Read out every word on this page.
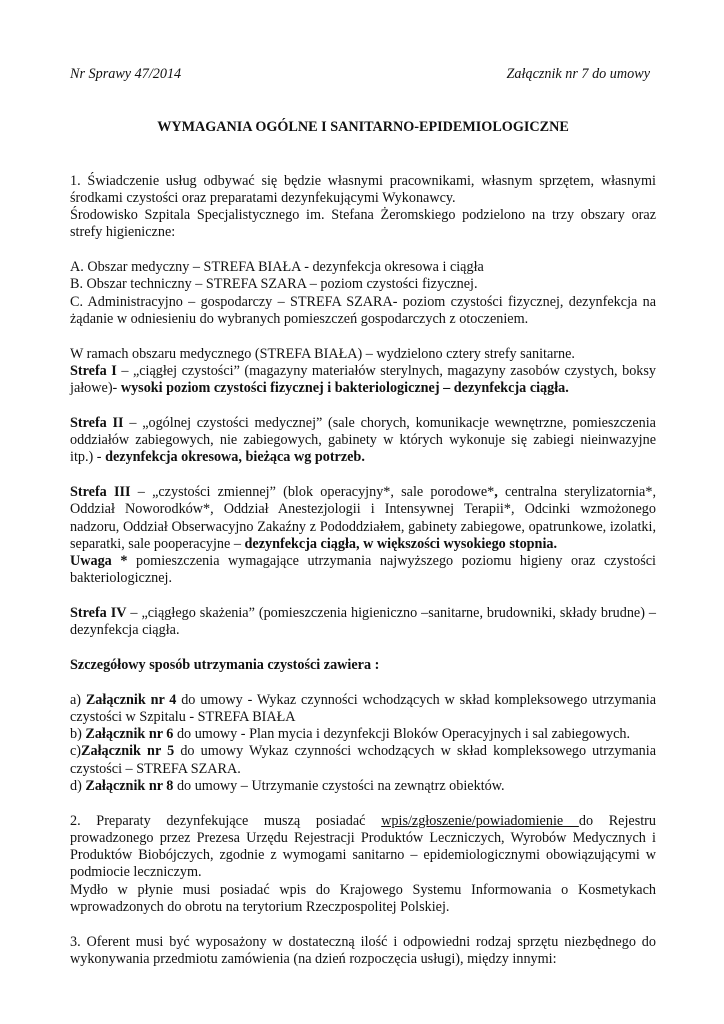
Nr Sprawy 47/2014	Załącznik nr 7 do umowy
WYMAGANIA OGÓLNE I SANITARNO-EPIDEMIOLOGICZNE

1. Świadczenie usług odbywać się będzie własnymi pracownikami, własnym sprzętem, własnymi środkami czystości oraz preparatami dezynfekującymi Wykonawcy.

Środowisko Szpitala Specjalistycznego im. Stefana Żeromskiego podzielono na trzy obszary oraz strefy higieniczne:

A. Obszar medyczny – STREFA BIAŁA - dezynfekcja okresowa i ciągła

B. Obszar techniczny – STREFA SZARA – poziom czystości fizycznej.

C. Administracyjno – gospodarczy – STREFA SZARA- poziom czystości fizycznej, dezynfekcja na żądanie w odniesieniu do wybranych pomieszczeń gospodarczych z otoczeniem.

W ramach obszaru medycznego (STREFA BIAŁA) – wydzielono cztery strefy sanitarne.

Strefa I – „ciągłej czystości” (magazyny materiałów sterylnych, magazyny zasobów czystych, boksy jałowe)- wysoki poziom czystości fizycznej i bakteriologicznej – dezynfekcja ciągła.

Strefa II – „ogólnej czystości medycznej” (sale chorych, komunikacje wewnętrzne, pomieszczenia oddziałów zabiegowych, nie zabiegowych, gabinety w których wykonuje się zabiegi nieinwazyjne itp.) - dezynfekcja okresowa, bieżąca wg potrzeb.

Strefa III – „czystości zmiennej” (blok operacyjny*, sale porodowe*, centralna sterylizatornia*, Oddział Noworodków*, Oddział Anestezjologii i Intensywnej Terapii*, Odcinki wzmożonego nadzoru, Oddział Obserwacyjno Zakaźny z Pododdziałem, gabinety zabiegowe, opatrunkowe, izolatki, separatki, sale pooperacyjne – dezynfekcja ciągła, w większości wysokiego stopnia.

Uwaga * pomieszczenia wymagające utrzymania najwyższego poziomu higieny oraz czystości bakteriologicznej.

Strefa IV – „ciągłego skażenia” (pomieszczenia higieniczno –sanitarne, brudowniki, składy brudne) – dezynfekcja ciągła.

Szczegółowy sposób utrzymania czystości zawiera :

a) Załącznik nr 4 do umowy - Wykaz czynności wchodzących w skład kompleksowego utrzymania czystości w Szpitalu - STREFA BIAŁA

b) Załącznik nr 6 do umowy - Plan mycia i dezynfekcji Bloków Operacyjnych i sal zabiegowych.

c)Załącznik nr 5 do umowy Wykaz czynności wchodzących w skład kompleksowego utrzymania czystości – STREFA SZARA.

d) Załącznik nr 8 do umowy – Utrzymanie czystości na zewnątrz obiektów.

2. Preparaty dezynfekujące muszą posiadać wpis/zgłoszenie/powiadomienie do Rejestru prowadzonego przez Prezesa Urzędu Rejestracji Produktów Leczniczych, Wyrobów Medycznych i Produktów Biobójczych, zgodnie z wymogami sanitarno – epidemiologicznymi obowiązującymi w podmiocie leczniczym.

Mydło w płynie musi posiadać wpis do Krajowego Systemu Informowania o Kosmetykach wprowadzonych do obrotu na terytorium Rzeczpospolitej Polskiej.

3. Oferent musi być wyposażony w dostateczną ilość i odpowiedni rodzaj sprzętu niezbędnego do wykonywania przedmiotu zamówienia (na dzień rozpoczęcia usługi), między innymi:
